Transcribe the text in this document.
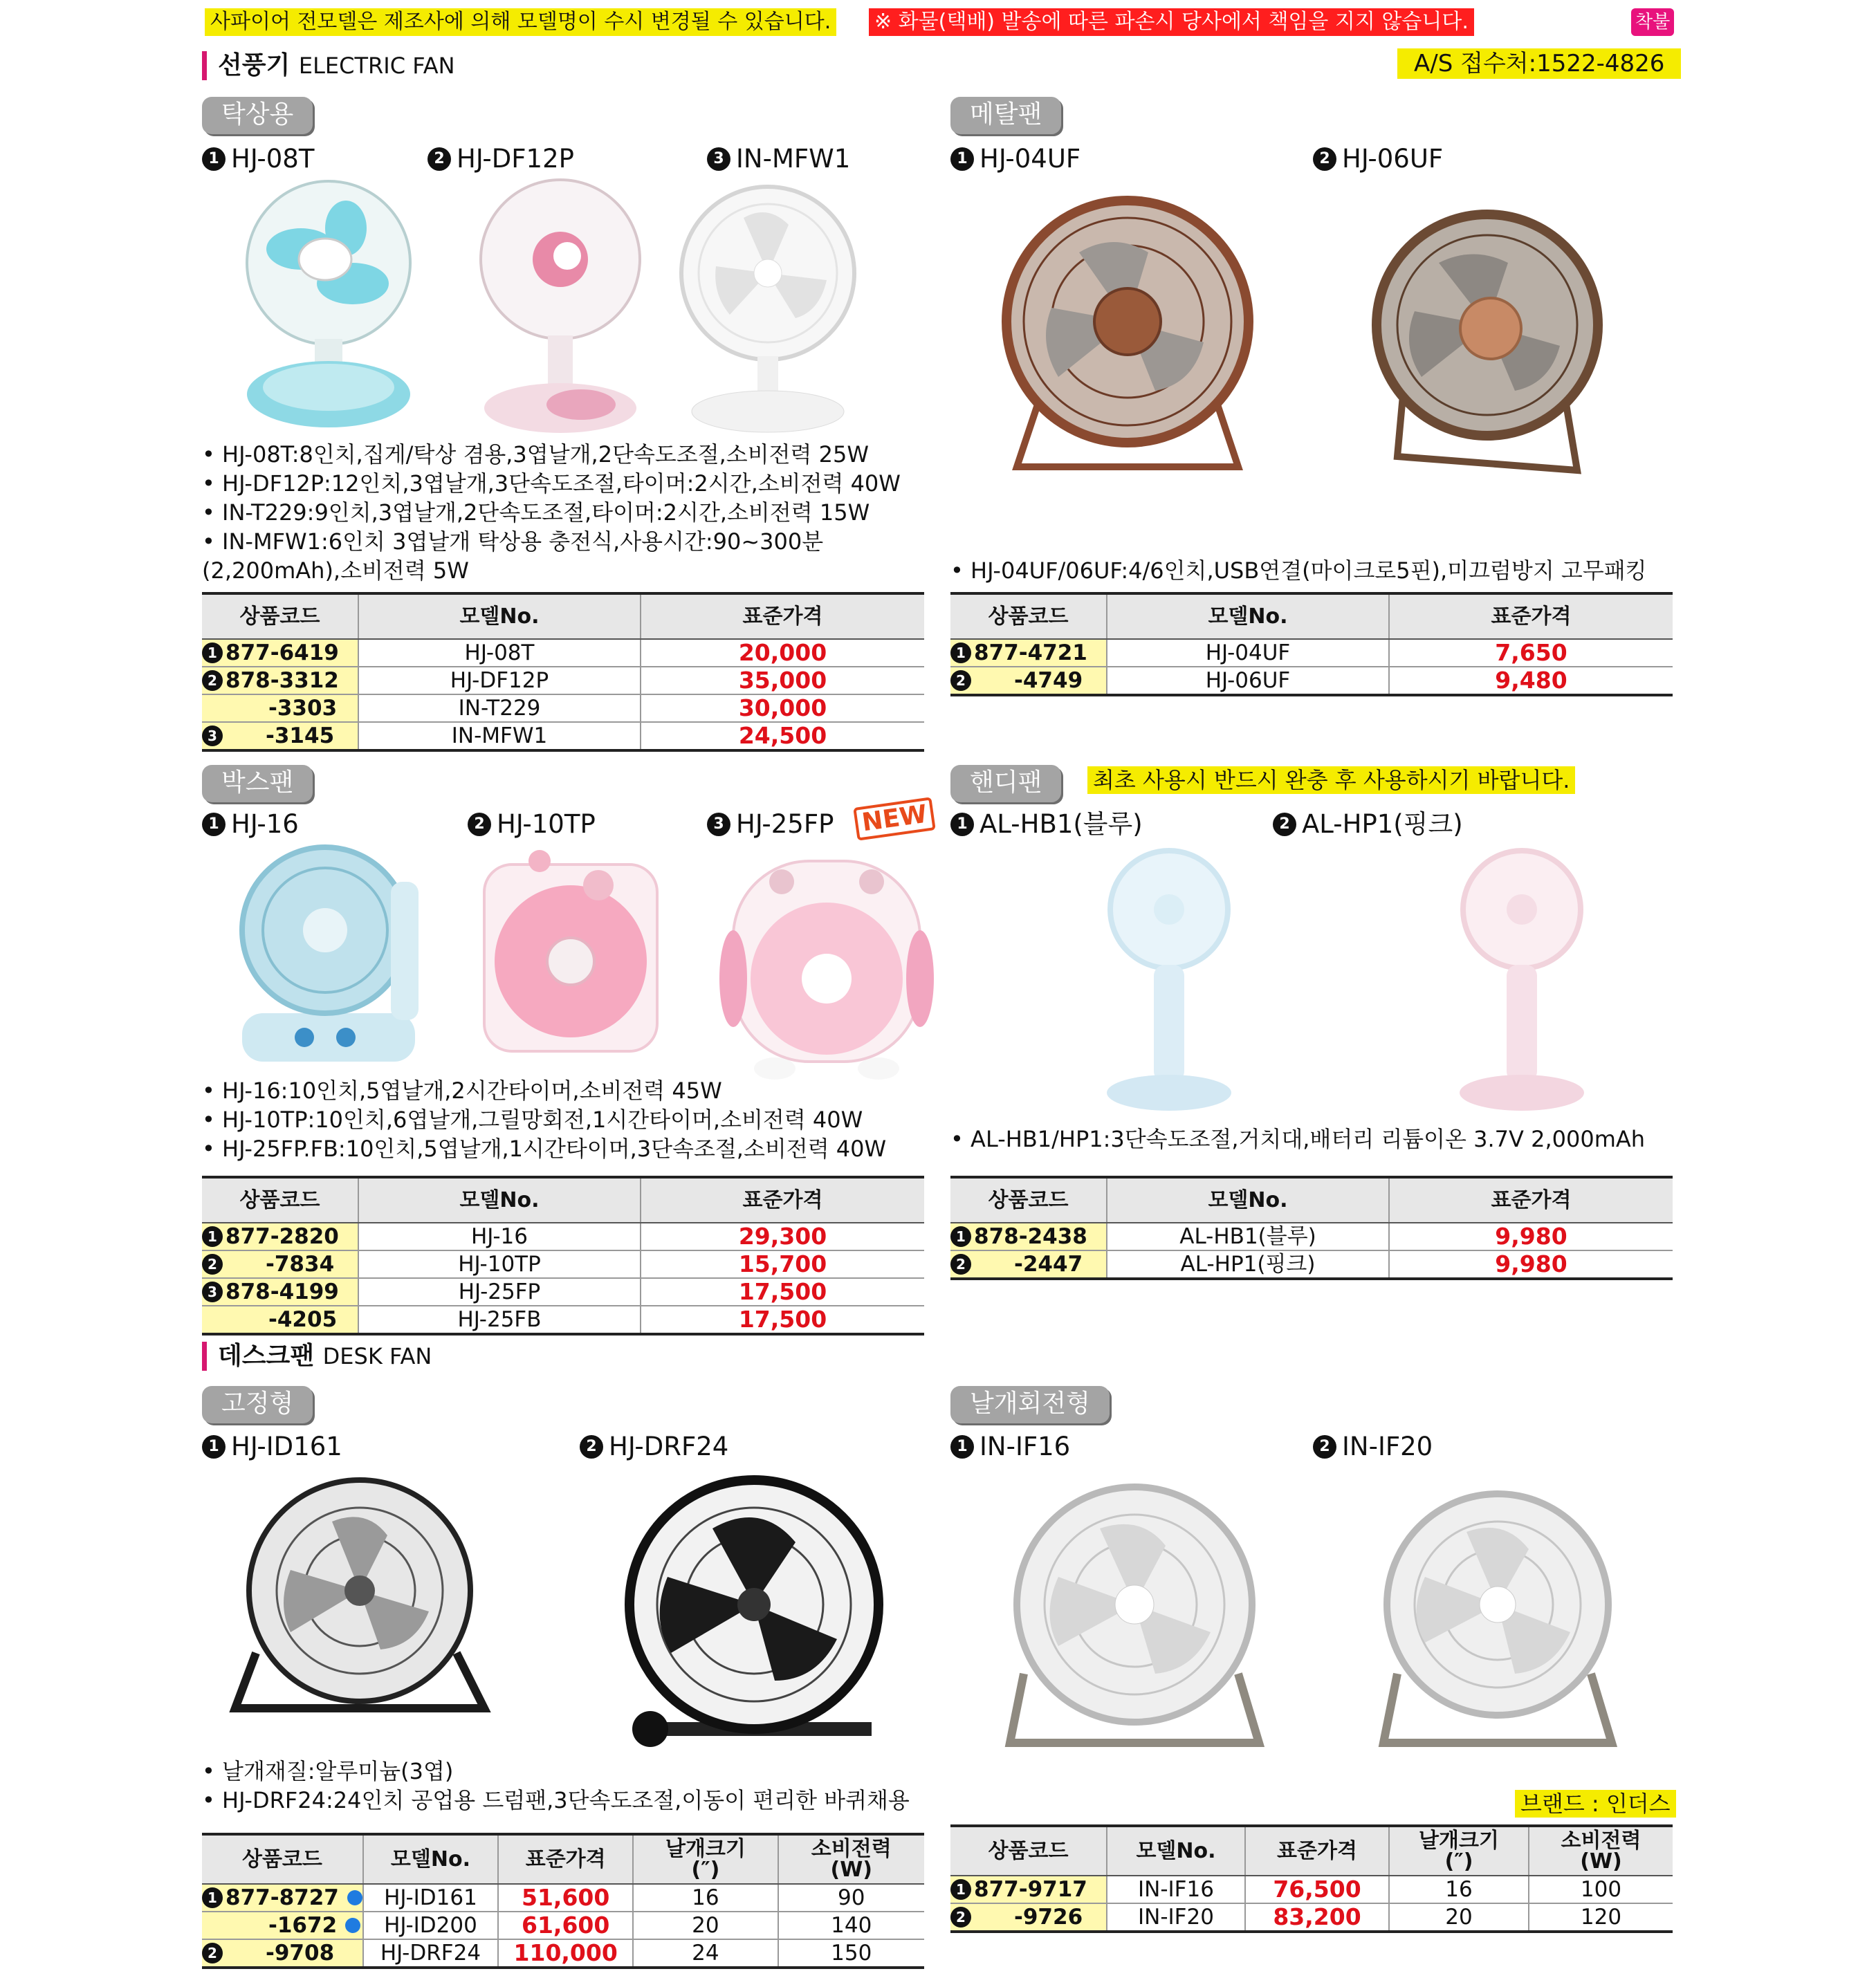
사파이어 전모델은 제조사에 의해 모델명이 수시 변경될 수 있습니다. ※ 화물(택배) 발송에 따른 파손시 당사에서 책임을 지지 않습니다.	착불
선풍기 ELECTRIC FAN	A/S 접수처:1522-4826
탁상용
1 HJ-08T	2 HJ-DF12P	3 IN-MFW1
• HJ-08T:8인치,집게/탁상 겸용,3엽날개,2단속도조절,소비전력 25W
• HJ-DF12P:12인치,3엽날개,3단속도조절,타이머:2시간,소비전력 40W
• IN-T229:9인치,3엽날개,2단속도조절,타이머:2시간,소비전력 15W
• IN-MFW1:6인치 3엽날개 탁상용 충전식,사용시간:90~300분
(2,200mAh),소비전력 5W
상품코드	모델No.	표준가격

1 877-6419	HJ-08T	20,000

2 878-3312	HJ-DF12P	35,000

-3303	IN-T229	30,000

3 -3145	IN-MFW1	24,500
메탈팬
1 HJ-04UF	2 HJ-06UF
• HJ-04UF/06UF:4/6인치,USB연결(마이크로5핀),미끄럼방지 고무패킹
상품코드	모델No.	표준가격

1 877-4721	HJ-04UF	7,650

2 -4749	HJ-06UF	9,480
박스팬
1 HJ-16	2 HJ-10TP	3 HJ-25FP NEW
• HJ-16:10인치,5엽날개,2시간타이머,소비전력 45W
• HJ-10TP:10인치,6엽날개,그릴망회전,1시간타이머,소비전력 40W
• HJ-25FP.FB:10인치,5엽날개,1시간타이머,3단속조절,소비전력 40W
상품코드	모델No.	표준가격

1 877-2820	HJ-16	29,300

2 -7834	HJ-10TP	15,700

3 878-4199	HJ-25FP	17,500

-4205	HJ-25FB	17,500
핸디팬	최초 사용시 반드시 완충 후 사용하시기 바랍니다.
1 AL-HB1(블루)	2 AL-HP1(핑크)
• AL-HB1/HP1:3단속도조절,거치대,배터리 리튬이온 3.7V 2,000mAh
상품코드	모델No.	표준가격

1 878-2438	AL-HB1(블루)	9,980

2 -2447	AL-HP1(핑크)	9,980
데스크팬 DESK FAN
고정형
1 HJ-ID161	2 HJ-DRF24
• 날개재질:알루미늄(3엽)
• HJ-DRF24:24인치 공업용 드럼팬,3단속도조절,이동이 편리한 바퀴채용
상품코드	모델No.	표준가격	날개크기
(″)	소비전력
(W)

1 877-8727	HJ-ID161	51,600	16	90

-1672	HJ-ID200	61,600	20	140

2 -9708	HJ-DRF24	110,000	24	150
날개회전형
1 IN-IF16	2 IN-IF20
브랜드 : 인더스
상품코드	모델No.	표준가격	날개크기
(″)	소비전력
(W)

1 877-9717	IN-IF16	76,500	16	100

2 -9726	IN-IF20	83,200	20	120
